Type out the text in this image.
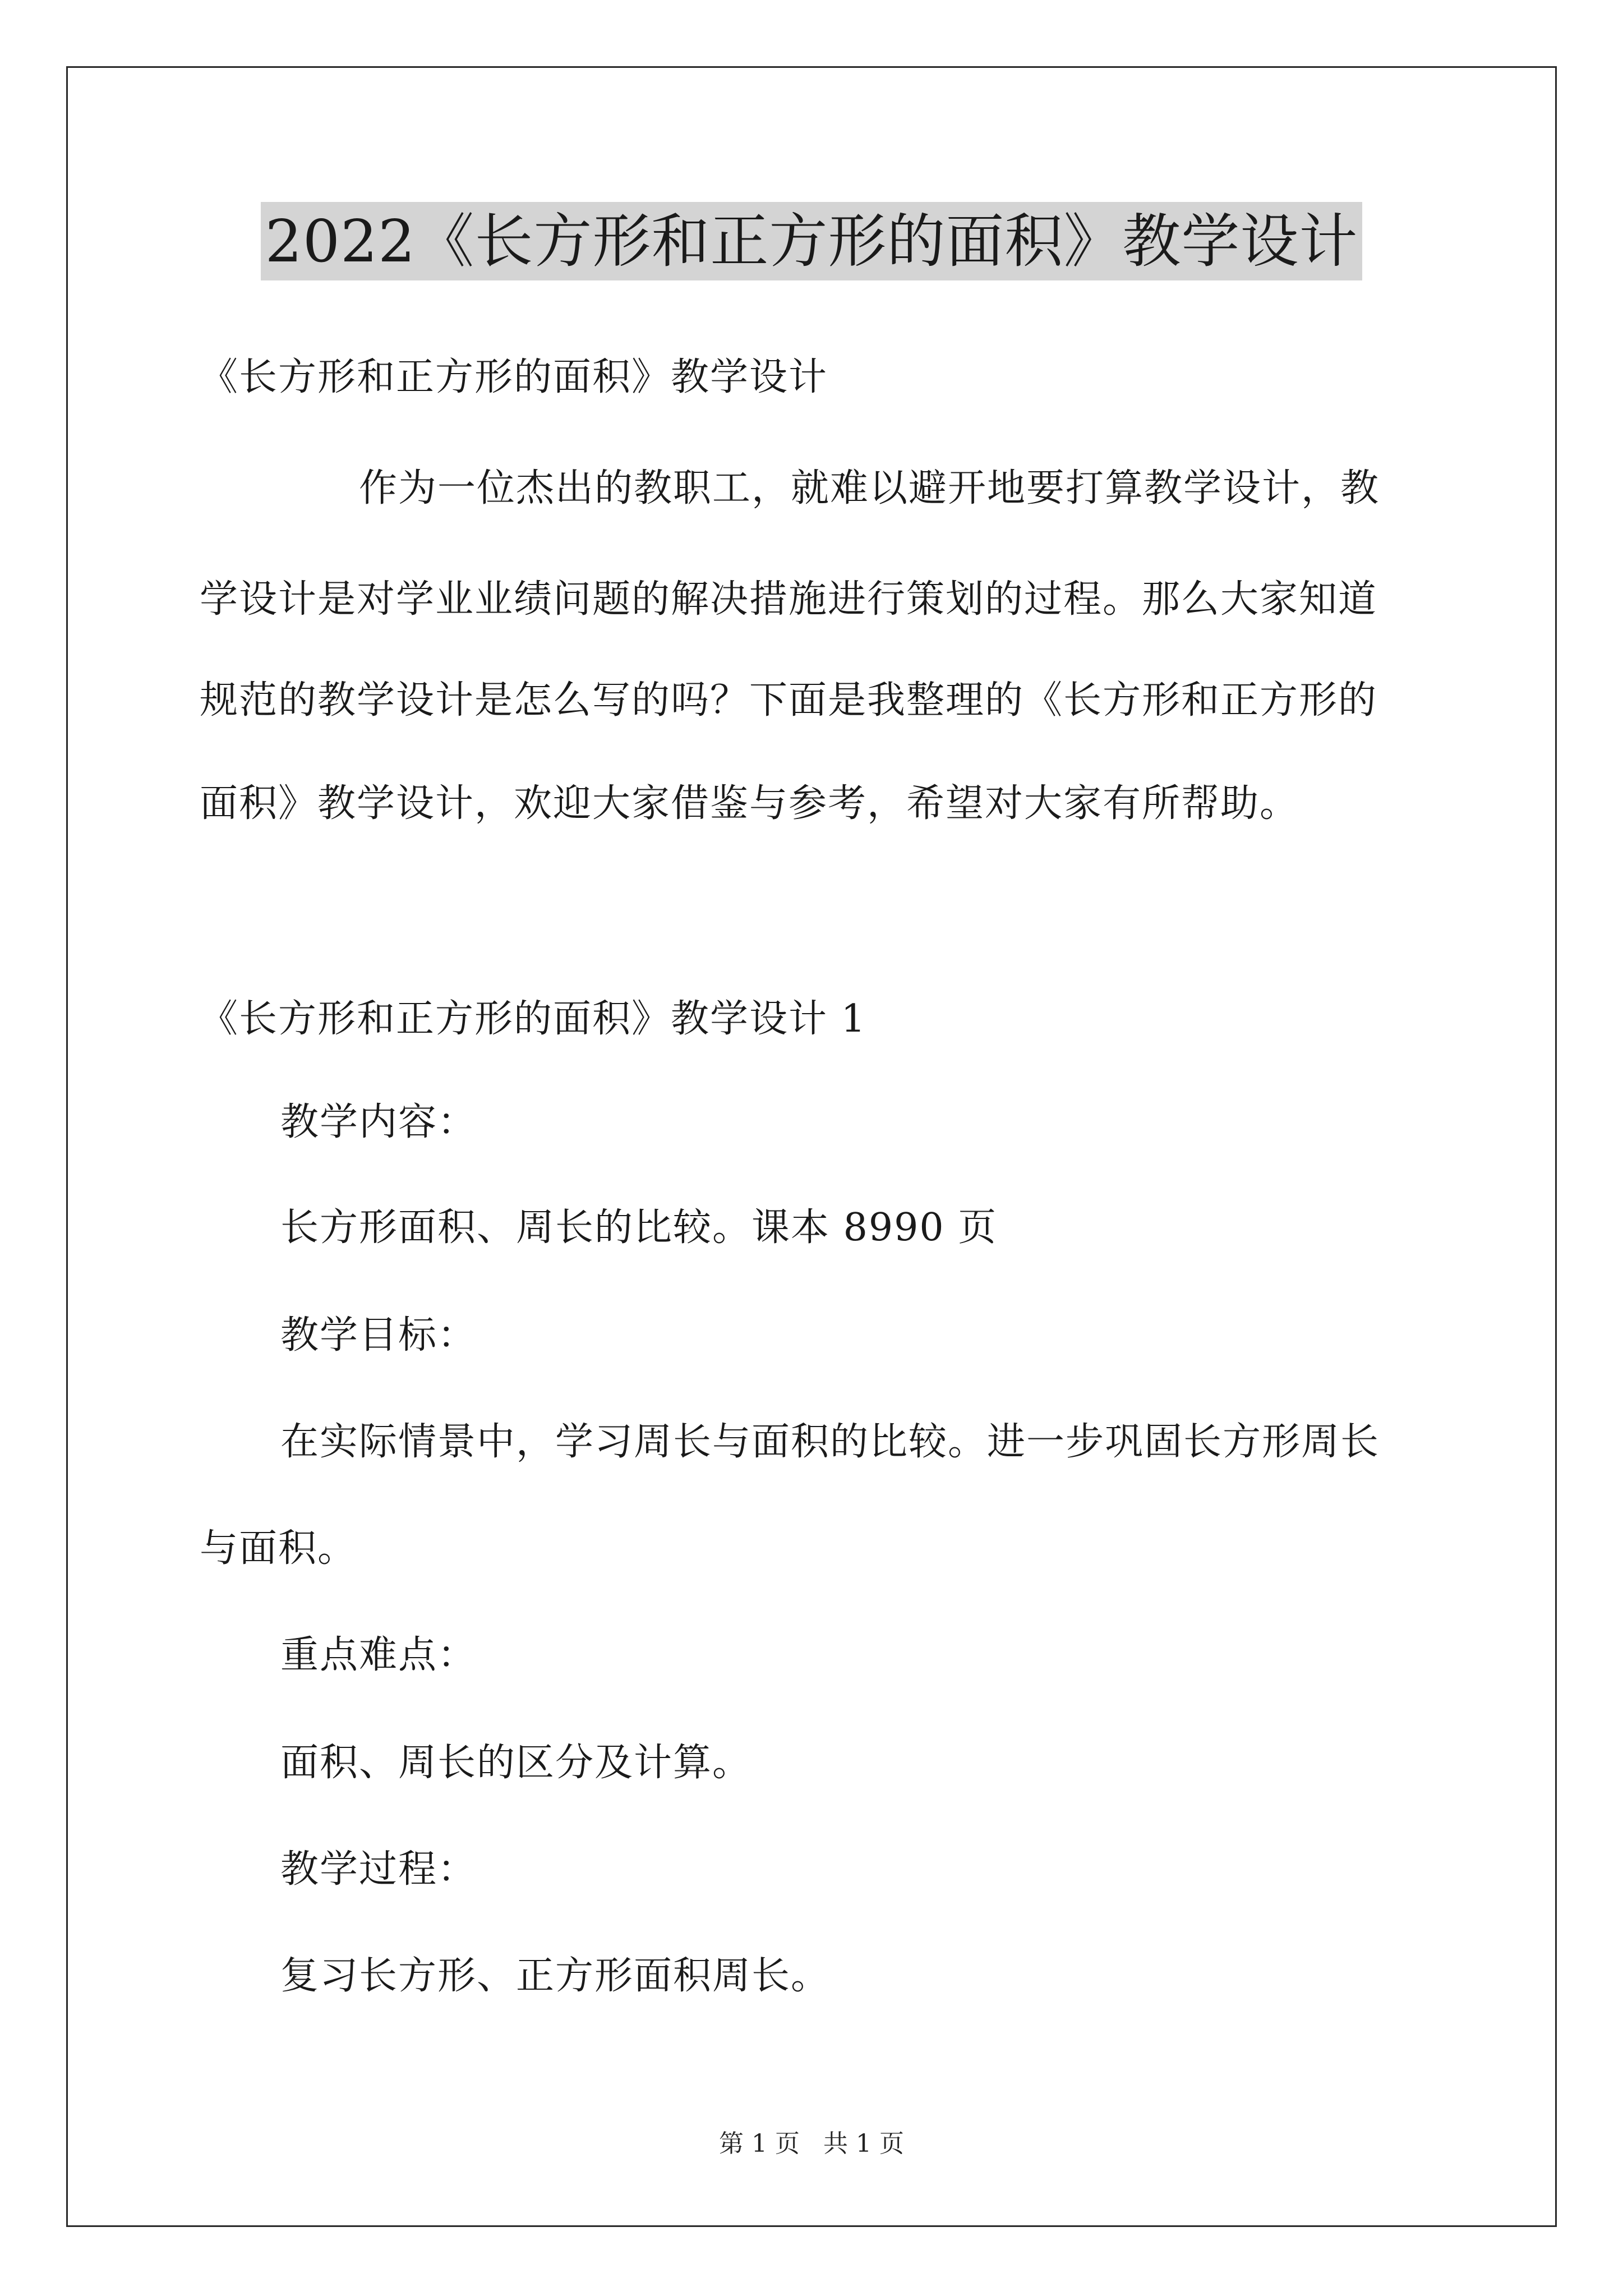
2022《长方形和正方形的面积》教学设计
《长方形和正方形的面积》教学设计
作为一位杰出的教职工，就难以避开地要打算教学设计，教
学设计是对学业业绩问题的解决措施进行策划的过程。那么大家知道
规范的教学设计是怎么写的吗？下面是我整理的《长方形和正方形的
面积》教学设计，欢迎大家借鉴与参考，希望对大家有所帮助。
《长方形和正方形的面积》教学设计 1
教学内容：
长方形面积、周长的比较。课本 8990 页
教学目标：
在实际情景中，学习周长与面积的比较。进一步巩固长方形周长
与面积。
重点难点：
面积、周长的区分及计算。
教学过程：
复习长方形、正方形面积周长。
第 1 页 共 1 页
